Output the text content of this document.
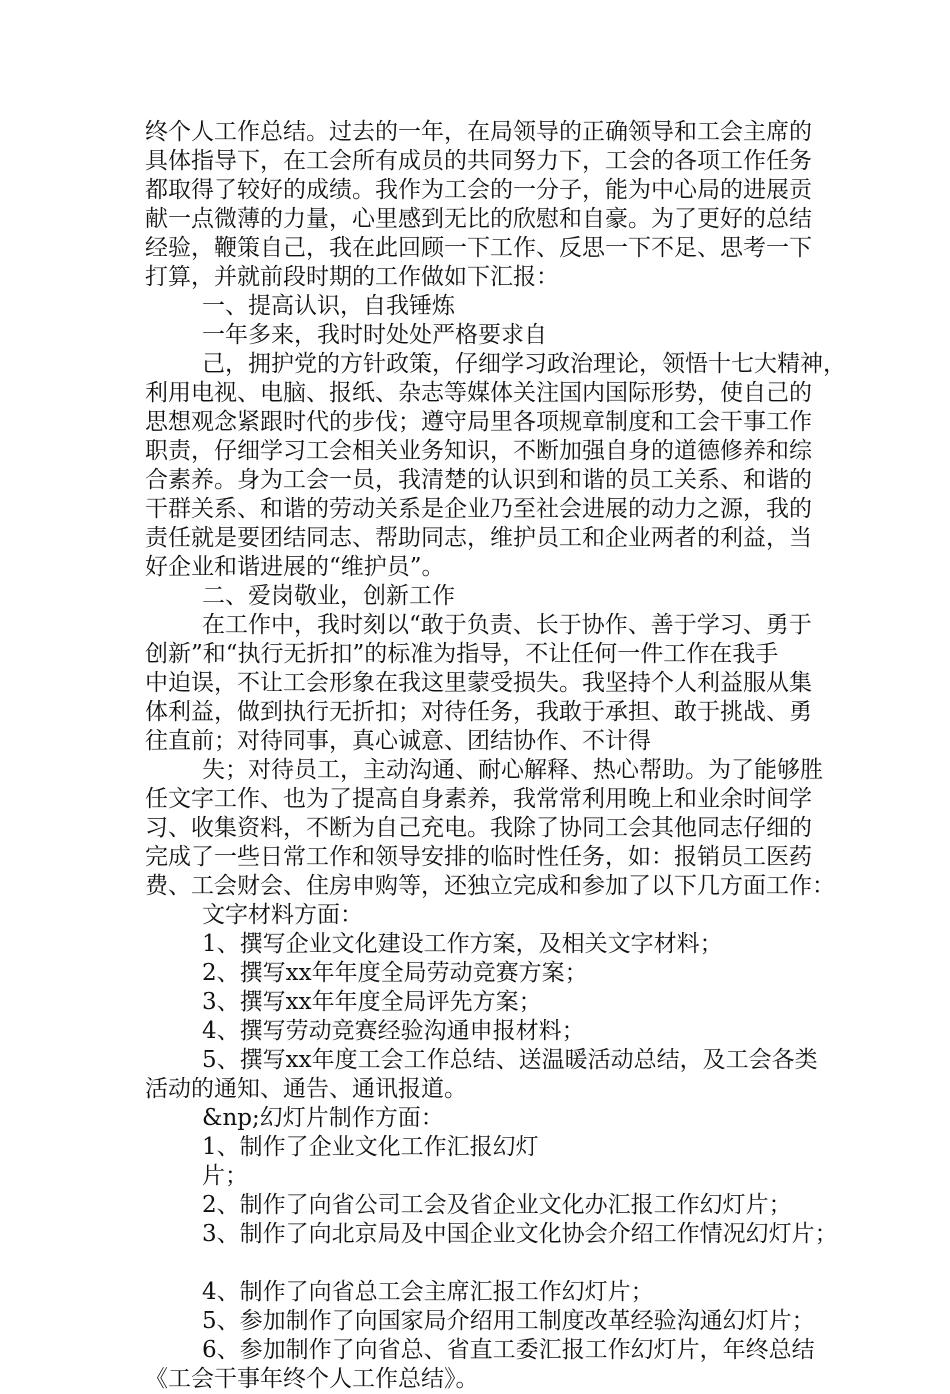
终个人工作总结。过去的一年，在局领导的正确领导和工会主席的
具体指导下，在工会所有成员的共同努力下，工会的各项工作任务
都取得了较好的成绩。我作为工会的一分子，能为中心局的进展贡
献一点微薄的力量，心里感到无比的欣慰和自豪。为了更好的总结
经验，鞭策自己，我在此回顾一下工作、反思一下不足、思考一下
打算，并就前段时期的工作做如下汇报：
一、提高认识，自我锤炼
一年多来，我时时处处严格要求自
己，拥护党的方针政策，仔细学习政治理论，领悟十七大精神，
利用电视、电脑、报纸、杂志等媒体关注国内国际形势，使自己的
思想观念紧跟时代的步伐；遵守局里各项规章制度和工会干事工作
职责，仔细学习工会相关业务知识，不断加强自身的道德修养和综
合素养。身为工会一员，我清楚的认识到和谐的员工关系、和谐的
干群关系、和谐的劳动关系是企业乃至社会进展的动力之源，我的
责任就是要团结同志、帮助同志，维护员工和企业两者的利益，当
好企业和谐进展的“维护员”。
二、爱岗敬业，创新工作
在工作中，我时刻以“敢于负责、长于协作、善于学习、勇于
创新”和“执行无折扣”的标准为指导，不让任何一件工作在我手
中迫误，不让工会形象在我这里蒙受损失。我坚持个人利益服从集
体利益，做到执行无折扣；对待任务，我敢于承担、敢于挑战、勇
往直前；对待同事，真心诚意、团结协作、不计得
失；对待员工，主动沟通、耐心解释、热心帮助。为了能够胜
任文字工作、也为了提高自身素养，我常常利用晚上和业余时间学
习、收集资料，不断为自己充电。我除了协同工会其他同志仔细的
完成了一些日常工作和领导安排的临时性任务，如：报销员工医药
费、工会财会、住房申购等，还独立完成和参加了以下几方面工作：
文字材料方面：
1、撰写企业文化建设工作方案，及相关文字材料；
2、撰写xx年年度全局劳动竞赛方案；
3、撰写xx年年度全局评先方案；
4、撰写劳动竞赛经验沟通申报材料；
5、撰写xx年度工会工作总结、送温暖活动总结，及工会各类
活动的通知、通告、通讯报道。
&np;幻灯片制作方面：
1、制作了企业文化工作汇报幻灯
片；
2、制作了向省公司工会及省企业文化办汇报工作幻灯片；
3、制作了向北京局及中国企业文化协会介绍工作情况幻灯片；
4、制作了向省总工会主席汇报工作幻灯片；
5、参加制作了向国家局介绍用工制度改革经验沟通幻灯片；
6、参加制作了向省总、省直工委汇报工作幻灯片，年终总结
《工会干事年终个人工作总结》。
